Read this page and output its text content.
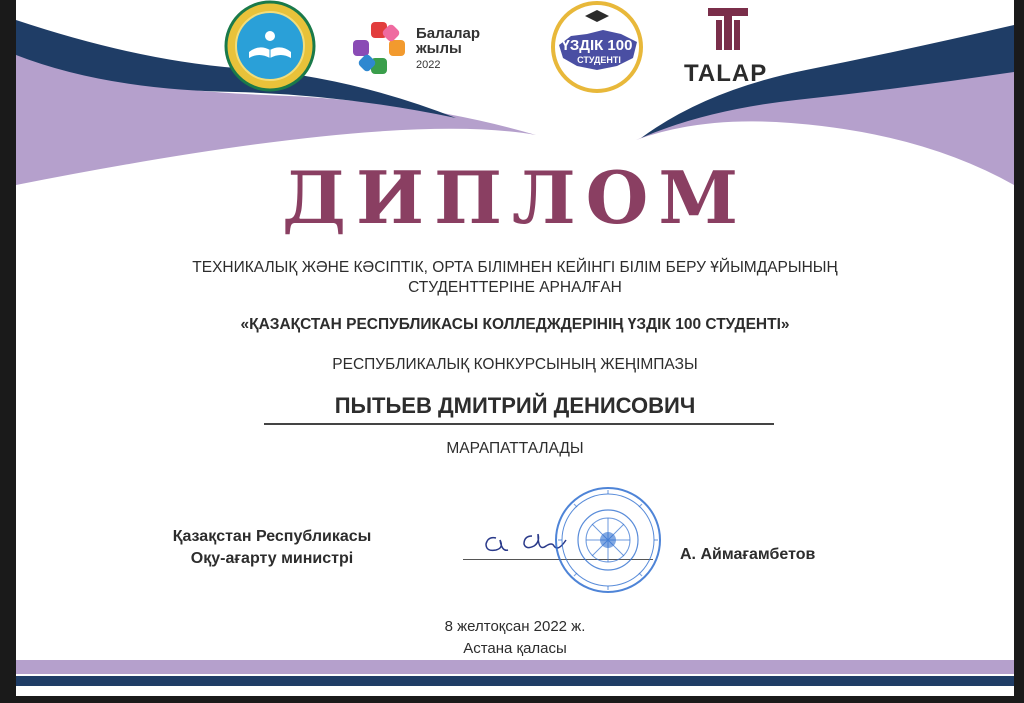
Балалар
жылы
2022
ҮЗДІК 100
СТУДЕНТІ	TALAP
ДИПЛОМ
ТЕХНИКАЛЫҚ ЖӘНЕ КӘСІПТІК, ОРТА БІЛІМНЕН КЕЙІНГІ БІЛІМ БЕРУ ҰЙЫМДАРЫНЫҢ
СТУДЕНТТЕРІНЕ АРНАЛҒАН
«ҚАЗАҚСТАН РЕСПУБЛИКАСЫ КОЛЛЕДЖДЕРІНІҢ ҮЗДІК 100 СТУДЕНТІ»
РЕСПУБЛИКАЛЫҚ КОНКУРСЫНЫҢ ЖЕҢІМПАЗЫ
ПЫТЬЕВ ДМИТРИЙ ДЕНИСОВИЧ
МАРАПАТТАЛАДЫ
Қазақстан Республикасы
Оқу-ағарту министрі	А. Аймағамбетов
8 желтоқсан 2022 ж.
Астана қаласы
